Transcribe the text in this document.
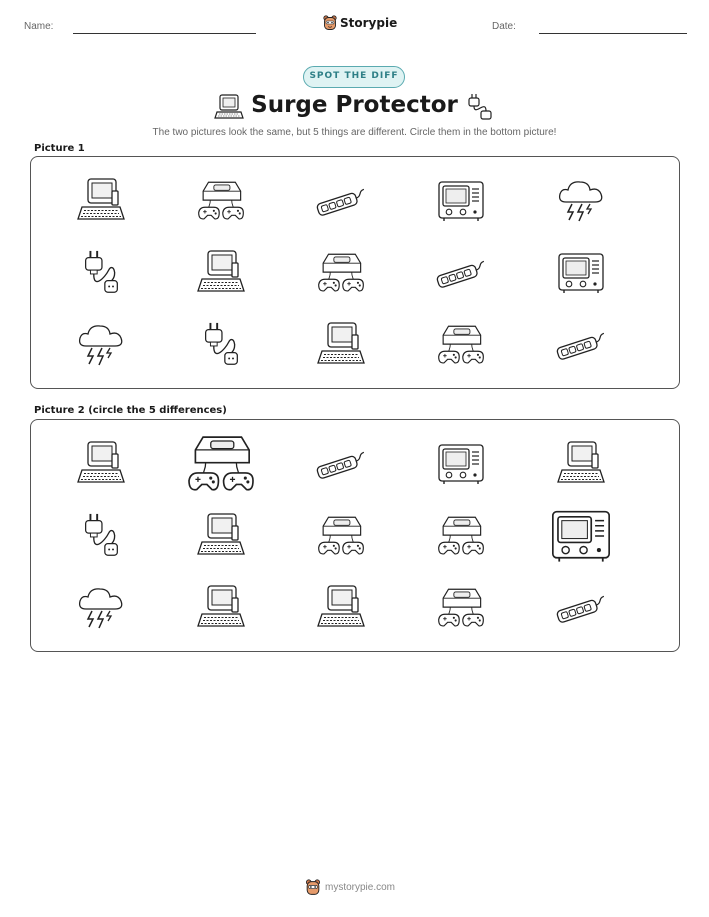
Name:	Storypie	Date:
SPOT THE DIFF
Surge Protector
The two pictures look the same, but 5 things are different. Circle them in the bottom picture!
Picture 1
Picture 2 (circle the 5 differences)
mystorypie.com
